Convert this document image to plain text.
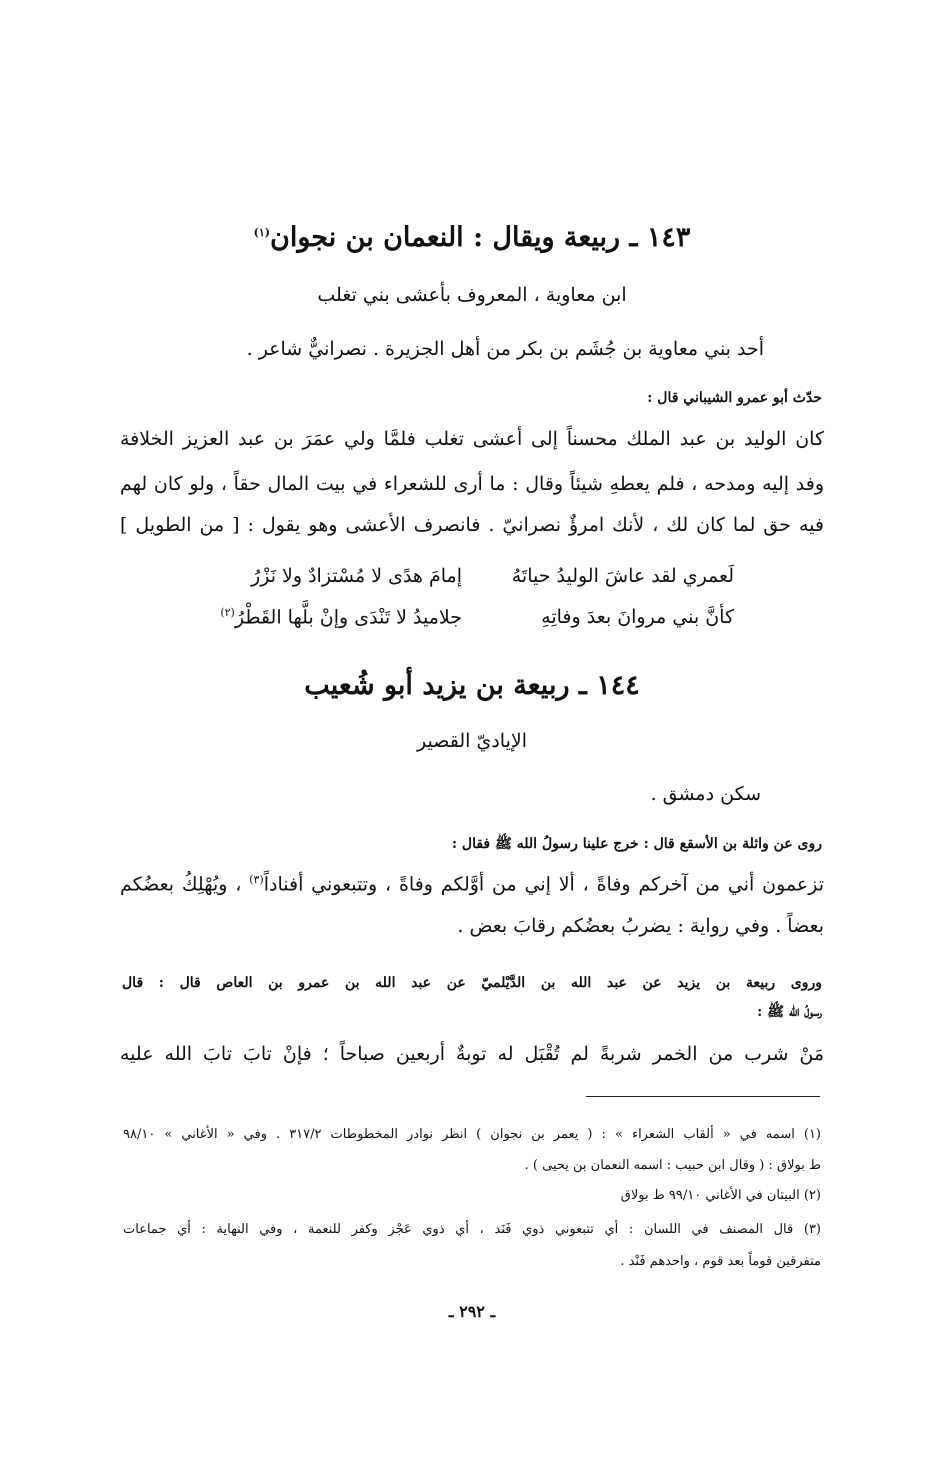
١٤٣ ـ ربيعة ويقال : النعمان بن نجوان$^{(١)}$
ابن معاوية ، المعروف بأعشى بني تغلب
أحد بني معاوية بن جُشَم بن بكر من أهل الجزيرة . نصرانيٌّ شاعر .
حدّث أبو عمرو الشيباني قال :
كان الوليد بن عبد الملك محسناً إلى أعشى تغلب فلمَّا ولي عمَرَ بن عبد العزيز الخلافة
وفد إليه ومدحه ، فلم يعطهِ شيئاً وقال : ما أرى للشعراء في بيت المال حقاً ، ولو كان لهم
فيه حق لما كان لك ، لأنك امرؤٌ نصرانيّ . فانصرف الأعشى وهو يقول : [ من الطويل ]
لَعمري لقد عاشَ الوليدُ حياتَهُ
إمامَ هدًى لا مُسْتزادٌ ولا نَزْرُ
كأنَّ بني مروانَ بعدَ وفاتِهِ
جلاميدُ لا تَنْدَى وإنْ بلَّها القَطْرُ$^{(٢)}$
١٤٤ ـ ربيعة بن يزيد أبو شُعيب
الإياديّ القصير
سكن دمشق .
روى عن واثلة بن الأسقع قال : خرج علينا رسولُ الله ﷺ فقال :
تزعمون أني من آخركم وفاةً ، ألا إني من أوَّلكم وفاةً ، وتتبعوني أفناداً$^{(٣)}$ ، ويُهْلِكُ بعضُكم
بعضاً . وفي رواية : يضربُ بعضُكم رقابَ بعض .
وروى ربيعة بن يزيد عن عبد الله بن الدَّيْلميّ عن عبد الله بن عمرو بن العاص قال : قال
رسولُ الله ﷺ :
مَنْ شرب من الخمر شربةً لم تُقْبَل له توبةٌ أربعين صباحاً ؛ فإنْ تابَ تابَ الله عليه
(١) اسمه في « ألقاب الشعراء » : ( يعمر بن نجوان ) انظر نوادر المخطوطات ٣١٧/٢ . وفي « الأغاني » ٩٨/١٠
ط بولاق : ( وقال ابن حبيب : اسمه النعمان بن يحيى ) .
(٢) البيتان في الأغاني ٩٩/١٠ ط بولاق
(٣) قال المصنف في اللسان : أي تتبعوني ذوي فَنَد ، أي ذوي عَجْز وكفر للنعمة ، وفي النهاية : أي جماعات
متفرقين قوماً بعد قوم ، واحدهم فَنْد .
ـ ٢٩٢ ـ
